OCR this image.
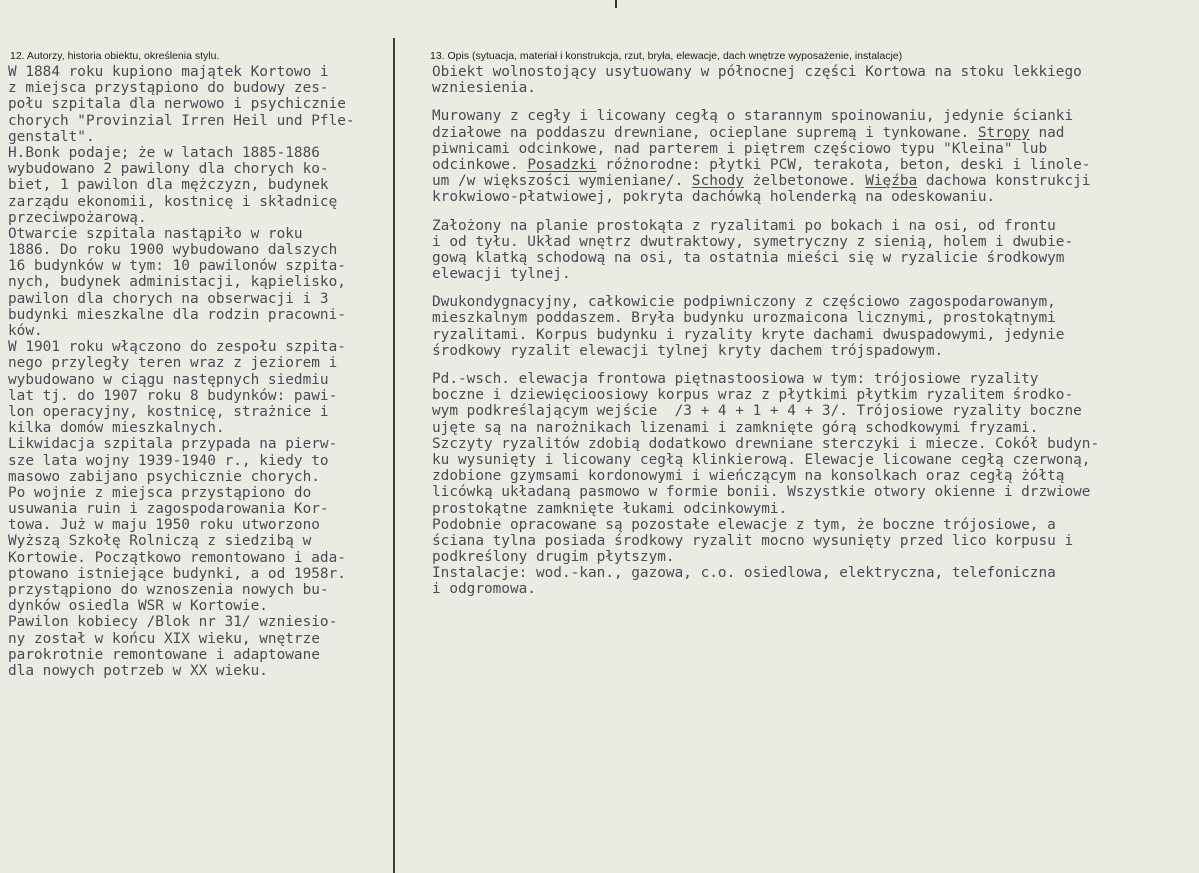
12. Autorzy, historia obiektu, określenia stylu.	13. Opis (sytuacja, materiał i konstrukcja, rzut, bryła, elewacje, dach wnętrze wyposażenie, instalacje)
W 1884 roku kupiono majątek Kortowo i
z miejsca przystąpiono do budowy zes-
połu szpitala dla nerwowo i psychicznie
chorych "Provinzial Irren Heil und Pfle-
genstalt".
H.Bonk podaje; że w latach 1885-1886
wybudowano 2 pawilony dla chorych ko-
biet, 1 pawilon dla mężczyzn, budynek
zarządu ekonomii, kostnicę i składnicę
przeciwpożarową.
Otwarcie szpitala nastąpiło w roku
1886. Do roku 1900 wybudowano dalszych
16 budynków w tym: 10 pawilonów szpita-
nych, budynek administacji, kąpielisko,
pawilon dla chorych na obserwacji i 3
budynki mieszkalne dla rodzin pracowni-
ków.
W 1901 roku włączono do zespołu szpita-
nego przyległy teren wraz z jeziorem i
wybudowano w ciągu następnych siedmiu
lat tj. do 1907 roku 8 budynków: pawi-
lon operacyjny, kostnicę, strażnice i
kilka domów mieszkalnych.
Likwidacja szpitala przypada na pierw-
sze lata wojny 1939-1940 r., kiedy to
masowo zabijano psychicznie chorych.
Po wojnie z miejsca przystąpiono do
usuwania ruin i zagospodarowania Kor-
towa. Już w maju 1950 roku utworzono
Wyższą Szkołę Rolniczą z siedzibą w
Kortowie. Początkowo remontowano i ada-
ptowano istniejące budynki, a od 1958r.
przystąpiono do wznoszenia nowych bu-
dynków osiedla WSR w Kortowie.
Pawilon kobiecy /Blok nr 31/ wzniesio-
ny został w końcu XIX wieku, wnętrze
parokrotnie remontowane i adaptowane
dla nowych potrzeb w XX wieku.
Obiekt wolnostojący usytuowany w północnej części Kortowa na stoku lekkiego
wzniesienia.
Murowany z cegły i licowany cegłą o starannym spoinowaniu, jedynie ścianki
działowe na poddaszu drewniane, ocieplane supremą i tynkowane. Stropy nad
piwnicami odcinkowe, nad parterem i piętrem częściowo typu "Kleina" lub
odcinkowe. Posadzki różnorodne: płytki PCW, terakota, beton, deski i linole-
um /w większości wymieniane/. Schody żelbetonowe. Więźba dachowa konstrukcji
krokwiowo-płatwiowej, pokryta dachówką holenderką na odeskowaniu.
Założony na planie prostokąta z ryzalitami po bokach i na osi, od frontu
i od tyłu. Układ wnętrz dwutraktowy, symetryczny z sienią, holem i dwubie-
gową klatką schodową na osi, ta ostatnia mieści się w ryzalicie środkowym
elewacji tylnej.
Dwukondygnacyjny, całkowicie podpiwniczony z częściowo zagospodarowanym,
mieszkalnym poddaszem. Bryła budynku urozmaicona licznymi, prostokątnymi
ryzalitami. Korpus budynku i ryzality kryte dachami dwuspadowymi, jedynie
środkowy ryzalit elewacji tylnej kryty dachem trójspadowym.
Pd.-wsch. elewacja frontowa piętnastoosiowa w tym: trójosiowe ryzality
boczne i dziewięcioosiowy korpus wraz z płytkimi płytkim ryzalitem środko-
wym podkreślającym wejście  /3 + 4 + 1 + 4 + 3/. Trójosiowe ryzality boczne
ujęte są na narożnikach lizenami i zamknięte górą schodkowymi fryzami.
Szczyty ryzalitów zdobią dodatkowo drewniane sterczyki i miecze. Cokół budyn-
ku wysunięty i licowany cegłą klinkierową. Elewacje licowane cegłą czerwoną,
zdobione gzymsami kordonowymi i wieńczącym na konsolkach oraz cegłą żółtą
licówką układaną pasmowo w formie bonii. Wszystkie otwory okienne i drzwiowe
prostokątne zamknięte łukami odcinkowymi.
Podobnie opracowane są pozostałe elewacje z tym, że boczne trójosiowe, a
ściana tylna posiada środkowy ryzalit mocno wysunięty przed lico korpusu i
podkreślony drugim płytszym.
Instalacje: wod.-kan., gazowa, c.o. osiedlowa, elektryczna, telefoniczna
i odgromowa.
